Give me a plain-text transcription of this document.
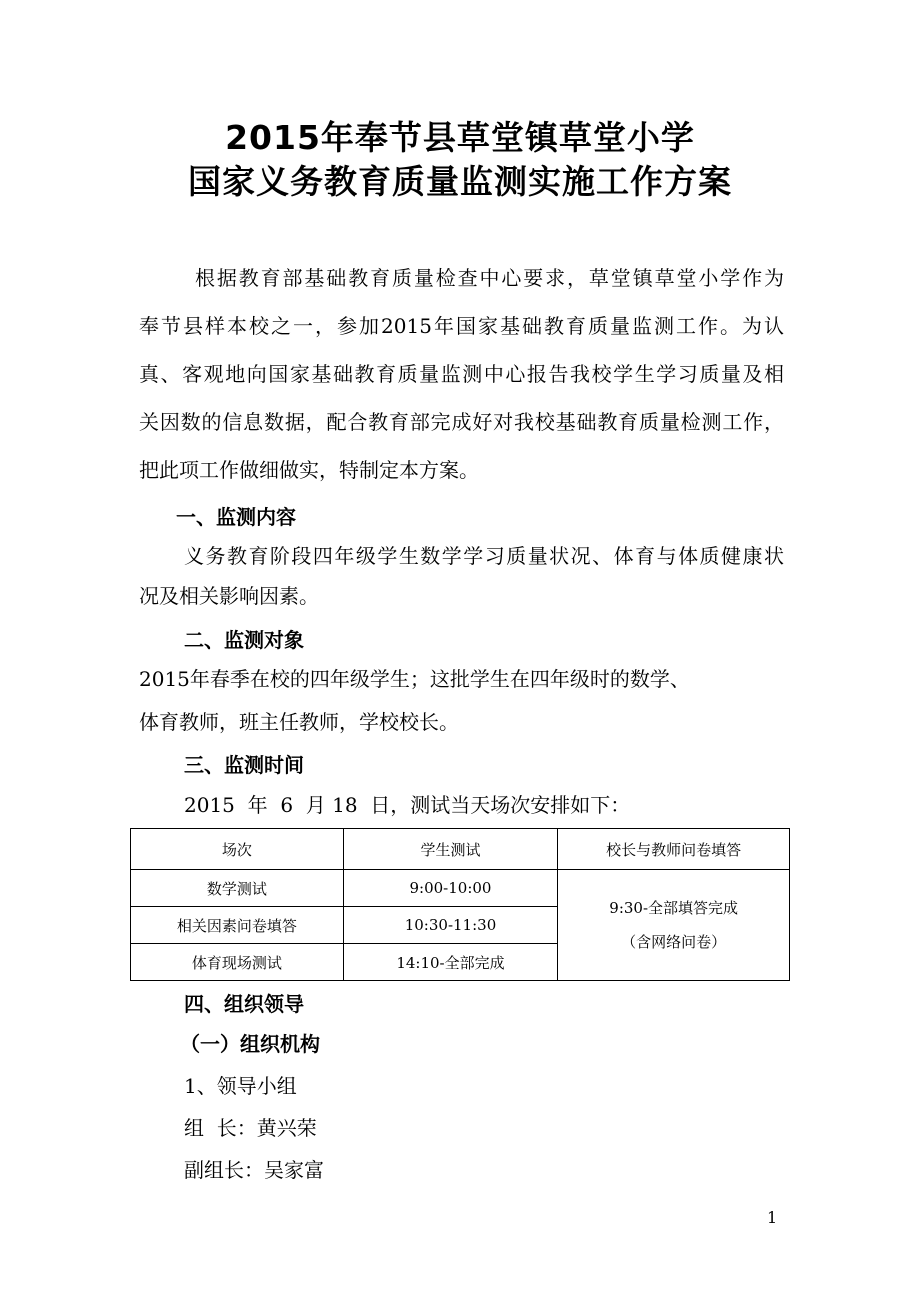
2015年奉节县草堂镇草堂小学
国家义务教育质量监测实施工作方案
根据教育部基础教育质量检查中心要求，草堂镇草堂小学作为
奉节县样本校之一，参加2015年国家基础教育质量监测工作。为认
真、客观地向国家基础教育质量监测中心报告我校学生学习质量及相
关因数的信息数据，配合教育部完成好对我校基础教育质量检测工作，
把此项工作做细做实，特制定本方案。
一、监测内容
义务教育阶段四年级学生数学学习质量状况、体育与体质健康状
况及相关影响因素。
二、监测对象
2015年春季在校的四年级学生；这批学生在四年级时的数学、
体育教师，班主任教师，学校校长。
三、监测时间
2015  年  6  月 18  日，测试当天场次安排如下：
场次	学生测试	校长与教师问卷填答
数学测试	9:00-10:00	9:30-全部填答完成
（含网络问卷）

相关因素问卷填答	10:30-11:30	
体育现场测试	14:10-全部完成	
四、组织领导
（一）组织机构
1、领导小组
组  长：黄兴荣
副组长：吴家富
1
